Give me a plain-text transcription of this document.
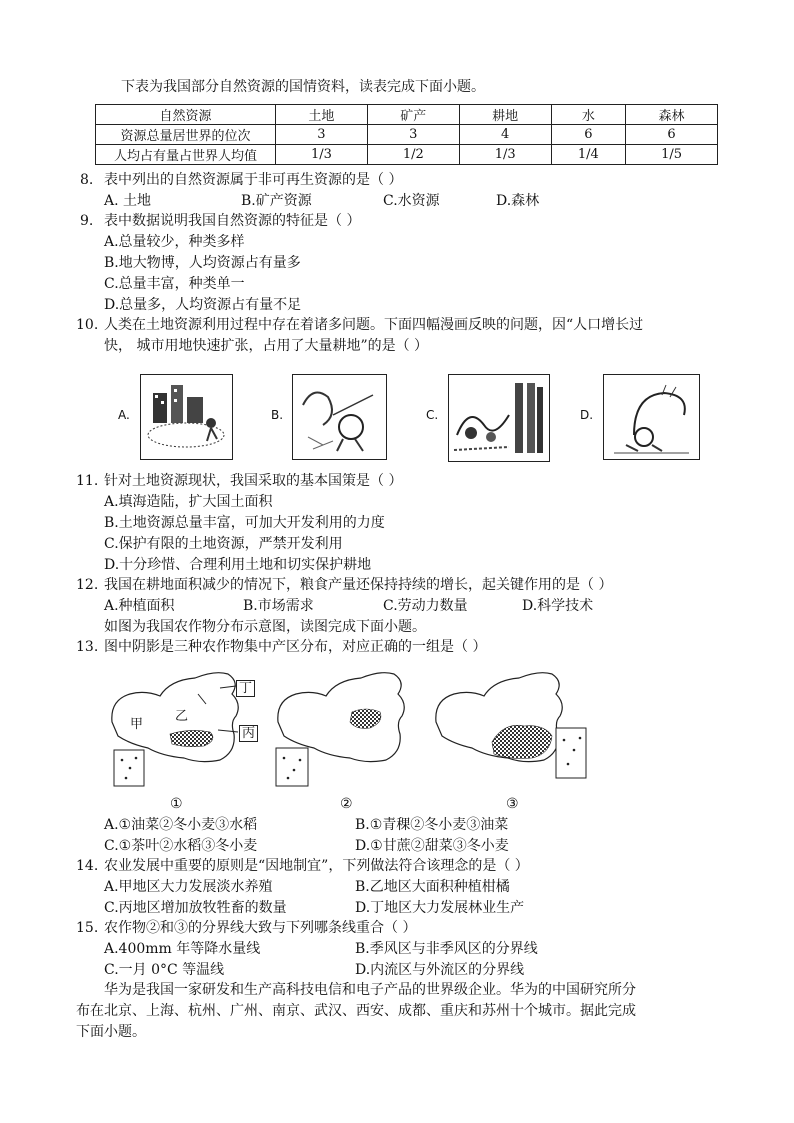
下表为我国部分自然资源的国情资料，读表完成下面小题。
自然资源	土地	矿产	耕地	水	森林
资源总量居世界的位次	3	3	4	6	6
人均占有量占世界人均值	1/3	1/2	1/3	1/4	1/5
8. 表中列出的自然资源属于非可再生资源的是（ ）
A. 土地	B.矿产资源	C.水资源	D.森林
9. 表中数据说明我国自然资源的特征是（ ）
A.总量较少，种类多样
B.地大物博，人均资源占有量多
C.总量丰富，种类单一
D.总量多，人均资源占有量不足
10. 人类在土地资源利用过程中存在着诸多问题。下面四幅漫画反映的问题，因“人口增长过
快， 城市用地快速扩张，占用了大量耕地”的是（ ）
A.	B.	C.	D.
11. 针对土地资源现状，我国采取的基本国策是（ ）
A.填海造陆，扩大国土面积
B.土地资源总量丰富，可加大开发利用的力度
C.保护有限的土地资源，严禁开发利用
D.十分珍惜、合理利用土地和切实保护耕地
12. 我国在耕地面积减少的情况下，粮食产量还保持持续的增长，起关键作用的是（ ）
A.种植面积	B.市场需求	C.劳动力数量	D.科学技术
如图为我国农作物分布示意图，读图完成下面小题。
13. 图中阴影是三种农作物集中产区分布，对应正确的一组是（ ）
甲
乙
丙
丁
①	②	③
A.①油菜②冬小麦③水稻	B.①青稞②冬小麦③油菜
C.①茶叶②水稻③冬小麦	D.①甘蔗②甜菜③冬小麦
14. 农业发展中重要的原则是“因地制宜”，下列做法符合该理念的是（ ）
A.甲地区大力发展淡水养殖	B.乙地区大面积种植柑橘
C.丙地区增加放牧牲畜的数量	D.丁地区大力发展林业生产
15. 农作物②和③的分界线大致与下列哪条线重合（ ）
A.400mm 年等降水量线	B.季风区与非季风区的分界线
C.一月 0°C 等温线	D.内流区与外流区的分界线
华为是我国一家研发和生产高科技电信和电子产品的世界级企业。华为的中国研究所分
布在北京、上海、杭州、广州、南京、武汉、西安、成都、重庆和苏州十个城市。据此完成
下面小题。
